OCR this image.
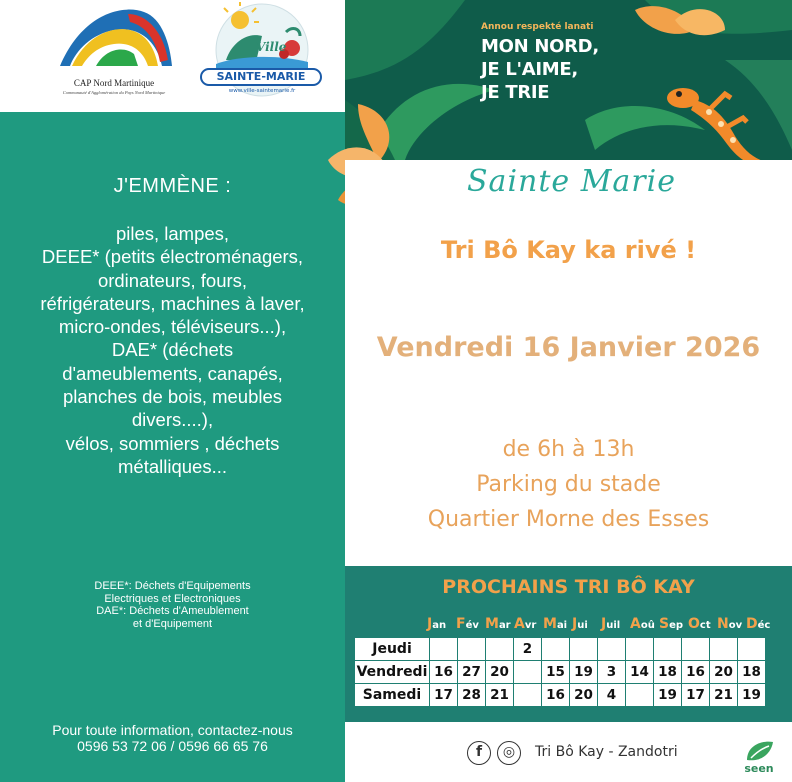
CAP Nord Martinique
Communauté d'Agglomération du Pays Nord Martinique
Ville
SAINTE-MARIE
www.ville-saintemarie.fr
J'EMMÈNE :
piles, lampes,
DEEE* (petits électroménagers,
ordinateurs, fours,
réfrigérateurs, machines à laver,
micro-ondes, téléviseurs...),
DAE* (déchets
d'ameublements, canapés,
planches de bois, meubles
divers....),
vélos, sommiers , déchets
métalliques...
DEEE*: Déchets d'Equipements
Electriques et Electroniques
DAE*: Déchets d'Ameublement
et d'Equipement
Pour toute information, contactez-nous
0596 53 72 06 / 0596 66 65 76
Annou respekté lanati
MON NORD,
JE L'AIME,
JE TRIE
Sainte Marie
Tri Bô Kay ka rivé !
Vendredi 16 Janvier 2026
de 6h à 13h
Parking du stade
Quartier Morne des Esses
PROCHAINS TRI BÔ KAY
Jan Fév Mar Avr Mai Jui Juil Aoû Sep Oct Nov Déc
Jeudi				2								
Vendredi	16	27	20		15	19	3	14	18	16	20	18
Samedi	17	28	21		16	20	4		19	17	21	19
f	◎	Tri Bô Kay - Zandotri
seen
